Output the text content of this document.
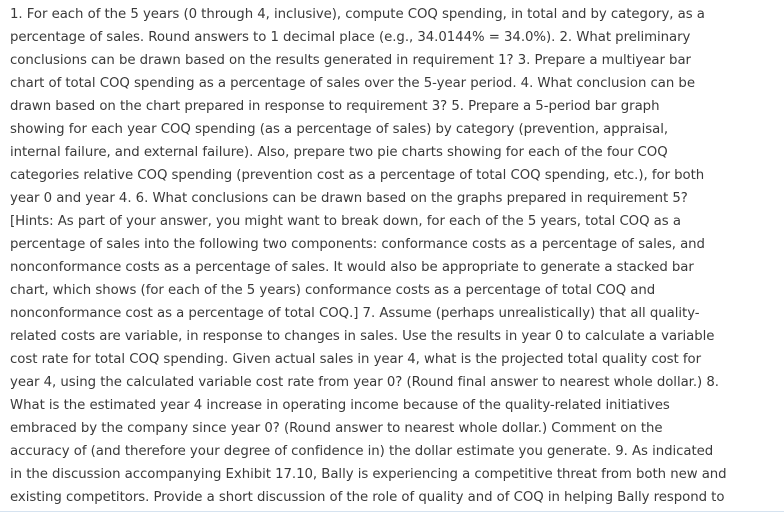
1. For each of the 5 years (0 through 4, inclusive), compute COQ spending, in total and by category, as a
percentage of sales. Round answers to 1 decimal place (e.g., 34.0144% = 34.0%). 2. What preliminary
conclusions can be drawn based on the results generated in requirement 1? 3. Prepare a multiyear bar
chart of total COQ spending as a percentage of sales over the 5-year period. 4. What conclusion can be
drawn based on the chart prepared in response to requirement 3? 5. Prepare a 5-period bar graph
showing for each year COQ spending (as a percentage of sales) by category (prevention, appraisal,
internal failure, and external failure). Also, prepare two pie charts showing for each of the four COQ
categories relative COQ spending (prevention cost as a percentage of total COQ spending, etc.), for both
year 0 and year 4. 6. What conclusions can be drawn based on the graphs prepared in requirement 5?
[Hints: As part of your answer, you might want to break down, for each of the 5 years, total COQ as a
percentage of sales into the following two components: conformance costs as a percentage of sales, and
nonconformance costs as a percentage of sales. It would also be appropriate to generate a stacked bar
chart, which shows (for each of the 5 years) conformance costs as a percentage of total COQ and
nonconformance cost as a percentage of total COQ.] 7. Assume (perhaps unrealistically) that all quality-
related costs are variable, in response to changes in sales. Use the results in year 0 to calculate a variable
cost rate for total COQ spending. Given actual sales in year 4, what is the projected total quality cost for
year 4, using the calculated variable cost rate from year 0? (Round final answer to nearest whole dollar.) 8.
What is the estimated year 4 increase in operating income because of the quality-related initiatives
embraced by the company since year 0? (Round answer to nearest whole dollar.) Comment on the
accuracy of (and therefore your degree of confidence in) the dollar estimate you generate. 9. As indicated
in the discussion accompanying Exhibit 17.10, Bally is experiencing a competitive threat from both new and
existing competitors. Provide a short discussion of the role of quality and of COQ in helping Bally respond to
